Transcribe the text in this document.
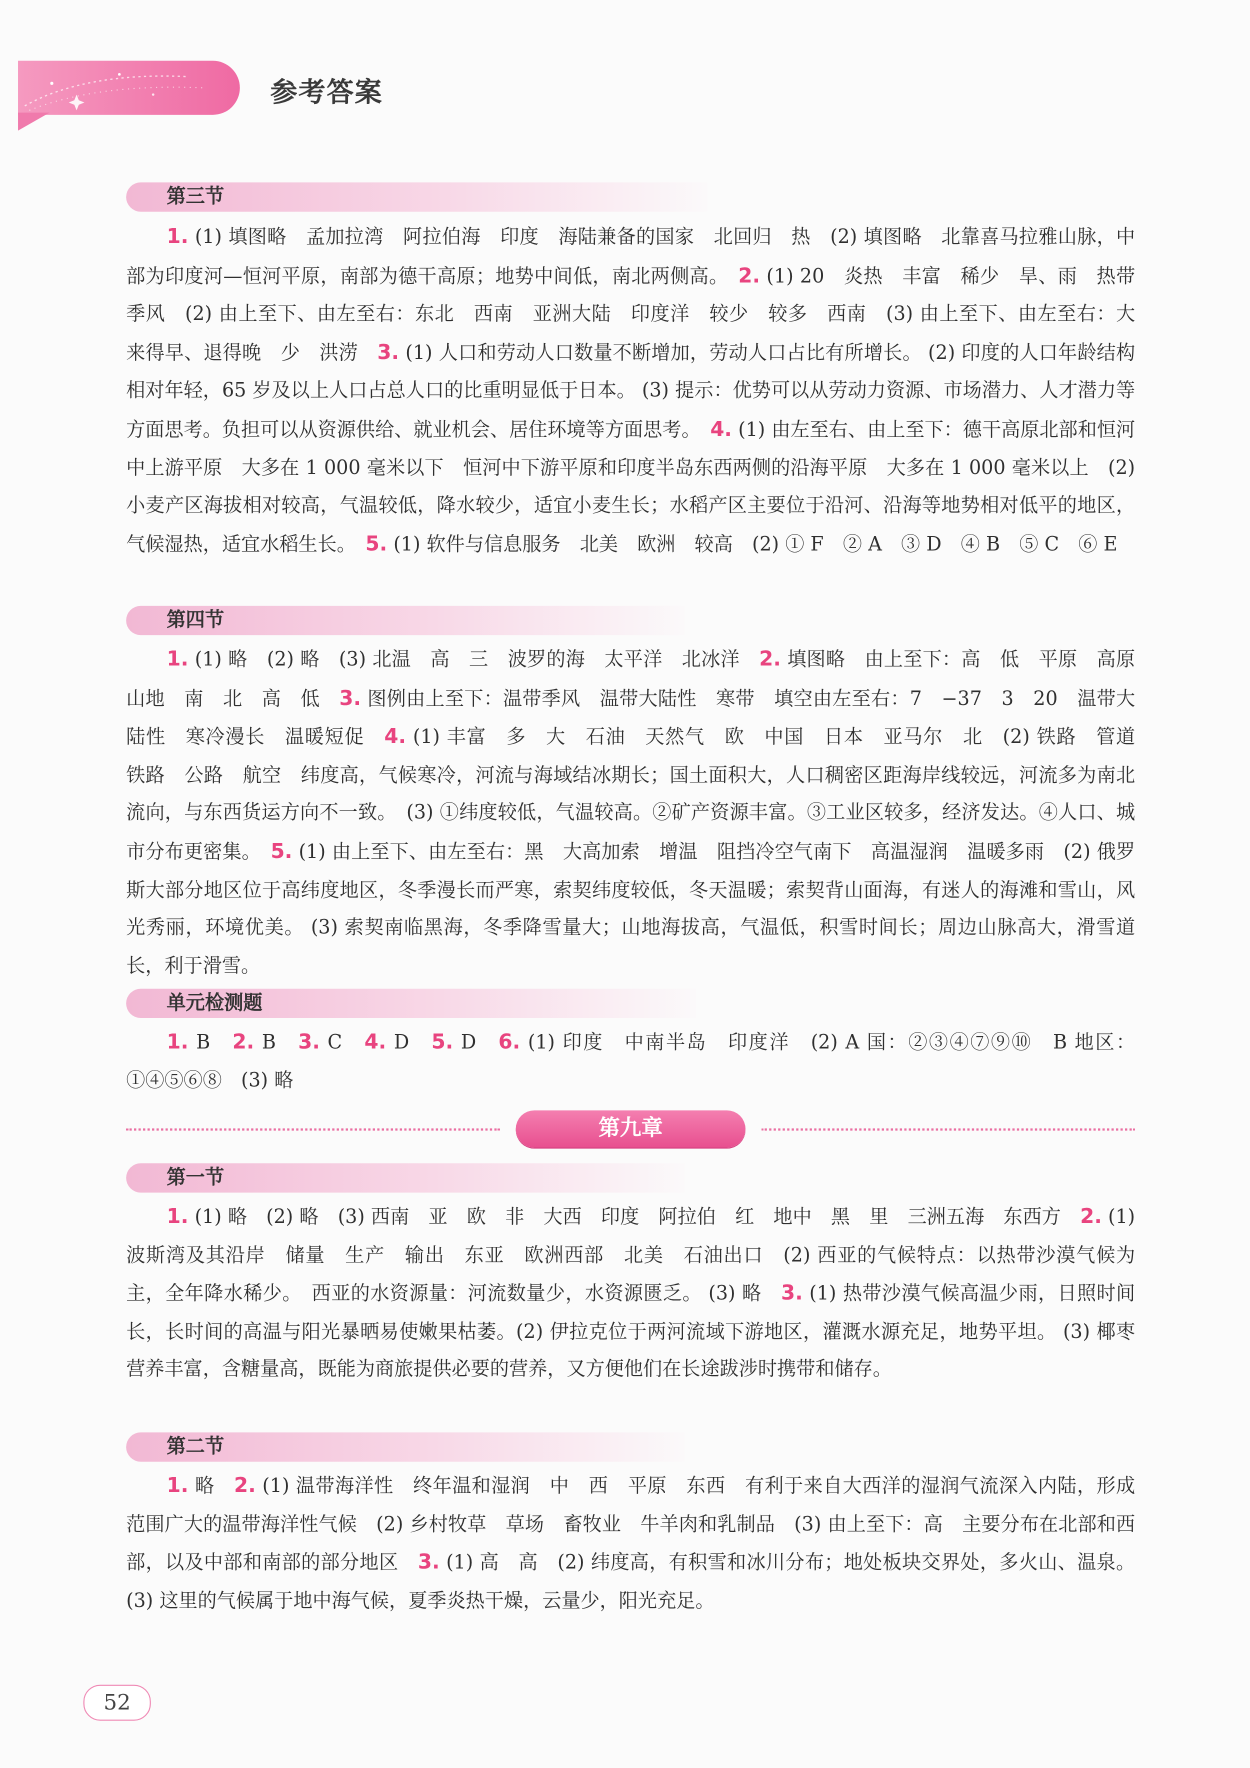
参考答案
第三节

1. (1) 填图略　孟加拉湾　阿拉伯海　印度　海陆兼备的国家　北回归　热　(2) 填图略　北靠喜马拉雅山脉，中部为印度河—恒河平原，南部为德干高原；地势中间低，南北两侧高。　2. (1) 20　炎热　丰富　稀少　旱、雨　热带季风　(2) 由上至下、由左至右：东北　西南　亚洲大陆　印度洋　较少　较多　西南　(3) 由上至下、由左至右：大　来得早、退得晚　少　洪涝　3. (1) 人口和劳动人口数量不断增加，劳动人口占比有所增长。 (2) 印度的人口年龄结构相对年轻，65 岁及以上人口占总人口的比重明显低于日本。 (3) 提示：优势可以从劳动力资源、市场潜力、人才潜力等方面思考。负担可以从资源供给、就业机会、居住环境等方面思考。　4. (1) 由左至右、由上至下：德干高原北部和恒河中上游平原　大多在 1 000 毫米以下　恒河中下游平原和印度半岛东西两侧的沿海平原　大多在 1 000 毫米以上　(2) 小麦产区海拔相对较高，气温较低，降水较少，适宜小麦生长；水稻产区主要位于沿河、沿海等地势相对低平的地区，气候湿热，适宜水稻生长。　5. (1) 软件与信息服务　北美　欧洲　较高　(2) ① F　② A　③ D　④ B　⑤ C　⑥ E　

第四节

1. (1) 略　(2) 略　(3) 北温　高　三　波罗的海　太平洋　北冰洋　2. 填图略　由上至下：高　低　平原　高原　山地　南　北　高　低　3. 图例由上至下：温带季风　温带大陆性　寒带　填空由左至右：7　−37　3　20　温带大陆性　寒冷漫长　温暖短促　4. (1) 丰富　多　大　石油　天然气　欧　中国　日本　亚马尔　北　(2) 铁路　管道　铁路　公路　航空　纬度高，气候寒冷，河流与海域结冰期长；国土面积大，人口稠密区距海岸线较远，河流多为南北流向，与东西货运方向不一致。　(3) ①纬度较低，气温较高。②矿产资源丰富。③工业区较多，经济发达。④人口、城市分布更密集。　5. (1) 由上至下、由左至右：黑　大高加索　增温　阻挡冷空气南下　高温湿润　温暖多雨　(2) 俄罗斯大部分地区位于高纬度地区，冬季漫长而严寒，索契纬度较低，冬天温暖；索契背山面海，有迷人的海滩和雪山，风光秀丽，环境优美。 (3) 索契南临黑海，冬季降雪量大；山地海拔高，气温低，积雪时间长；周边山脉高大，滑雪道长，利于滑雪。　

单元检测题

1. B　2. B　3. C　4. D　5. D　6. (1) 印度　中南半岛　印度洋　(2) A 国：②③④⑦⑨⑩　B 地区：①④⑤⑥⑧　(3) 略　

第九章
第一节

1. (1) 略　(2) 略　(3) 西南　亚　欧　非　大西　印度　阿拉伯　红　地中　黑　里　三洲五海　东西方　2. (1) 波斯湾及其沿岸　储量　生产　输出　东亚　欧洲西部　北美　石油出口　(2) 西亚的气候特点：以热带沙漠气候为主，全年降水稀少。　西亚的水资源量：河流数量少，水资源匮乏。 (3) 略　3. (1) 热带沙漠气候高温少雨，日照时间长，长时间的高温与阳光暴晒易使嫩果枯萎。(2) 伊拉克位于两河流域下游地区，灌溉水源充足，地势平坦。 (3) 椰枣营养丰富，含糖量高，既能为商旅提供必要的营养，又方便他们在长途跋涉时携带和储存。　

第二节

1. 略　2. (1) 温带海洋性　终年温和湿润　中　西　平原　东西　有利于来自大西洋的湿润气流深入内陆，形成范围广大的温带海洋性气候　(2) 乡村牧草　草场　畜牧业　牛羊肉和乳制品　(3) 由上至下：高　主要分布在北部和西部，以及中部和南部的部分地区　3. (1) 高　高　(2) 纬度高，有积雪和冰川分布；地处板块交界处，多火山、温泉。 (3) 这里的气候属于地中海气候，夏季炎热干燥，云量少，阳光充足。　

52
